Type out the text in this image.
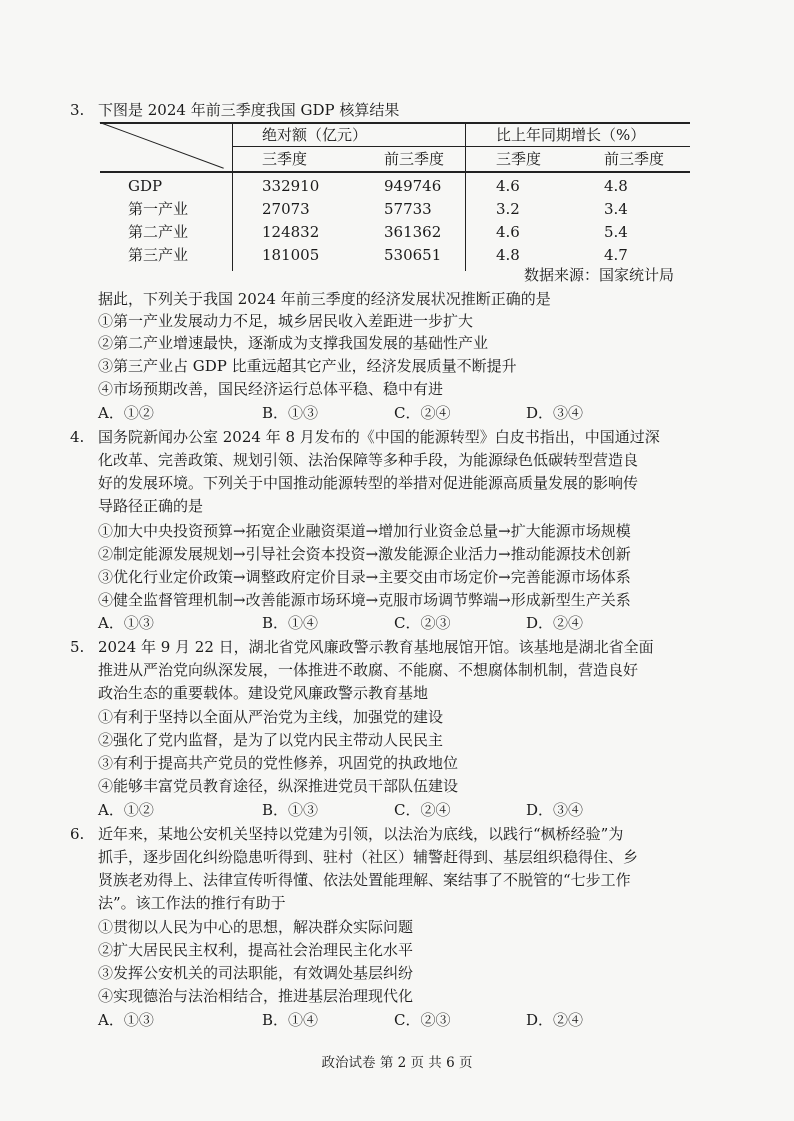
3. 下图是 2024 年前三季度我国 GDP 核算结果
绝对额（亿元）	比上年同期增长（%）
三季度	前三季度	三季度	前三季度
GDP	332910	949746	4.6	4.8
第一产业	27073	57733	3.2	3.4
第二产业	124832	361362	4.6	5.4
第三产业	181005	530651	4.8	4.7
数据来源：国家统计局
据此，下列关于我国 2024 年前三季度的经济发展状况推断正确的是
①第一产业发展动力不足，城乡居民收入差距进一步扩大
②第二产业增速最快，逐渐成为支撑我国发展的基础性产业
③第三产业占 GDP 比重远超其它产业，经济发展质量不断提升
④市场预期改善，国民经济运行总体平稳、稳中有进
A．①②	B．①③	C．②④	D．③④
4. 国务院新闻办公室 2024 年 8 月发布的《中国的能源转型》白皮书指出，中国通过深
化改革、完善政策、规划引领、法治保障等多种手段，为能源绿色低碳转型营造良
好的发展环境。下列关于中国推动能源转型的举措对促进能源高质量发展的影响传
导路径正确的是
①加大中央投资预算→拓宽企业融资渠道→增加行业资金总量→扩大能源市场规模
②制定能源发展规划→引导社会资本投资→激发能源企业活力→推动能源技术创新
③优化行业定价政策→调整政府定价目录→主要交由市场定价→完善能源市场体系
④健全监督管理机制→改善能源市场环境→克服市场调节弊端→形成新型生产关系
A．①③	B．①④	C．②③	D．②④
5. 2024 年 9 月 22 日，湖北省党风廉政警示教育基地展馆开馆。该基地是湖北省全面
推进从严治党向纵深发展，一体推进不敢腐、不能腐、不想腐体制机制，营造良好
政治生态的重要载体。建设党风廉政警示教育基地
①有利于坚持以全面从严治党为主线，加强党的建设
②强化了党内监督，是为了以党内民主带动人民民主
③有利于提高共产党员的党性修养，巩固党的执政地位
④能够丰富党员教育途径，纵深推进党员干部队伍建设
A．①②	B．①③	C．②④	D．③④
6. 近年来，某地公安机关坚持以党建为引领，以法治为底线，以践行“枫桥经验”为
抓手，逐步固化纠纷隐患听得到、驻村（社区）辅警赶得到、基层组织稳得住、乡
贤族老劝得上、法律宣传听得懂、依法处置能理解、案结事了不脱管的“七步工作
法”。该工作法的推行有助于
①贯彻以人民为中心的思想，解决群众实际问题
②扩大居民民主权利，提高社会治理民主化水平
③发挥公安机关的司法职能，有效调处基层纠纷
④实现德治与法治相结合，推进基层治理现代化
A．①③	B．①④	C．②③	D．②④
政治试卷 第 2 页 共 6 页
